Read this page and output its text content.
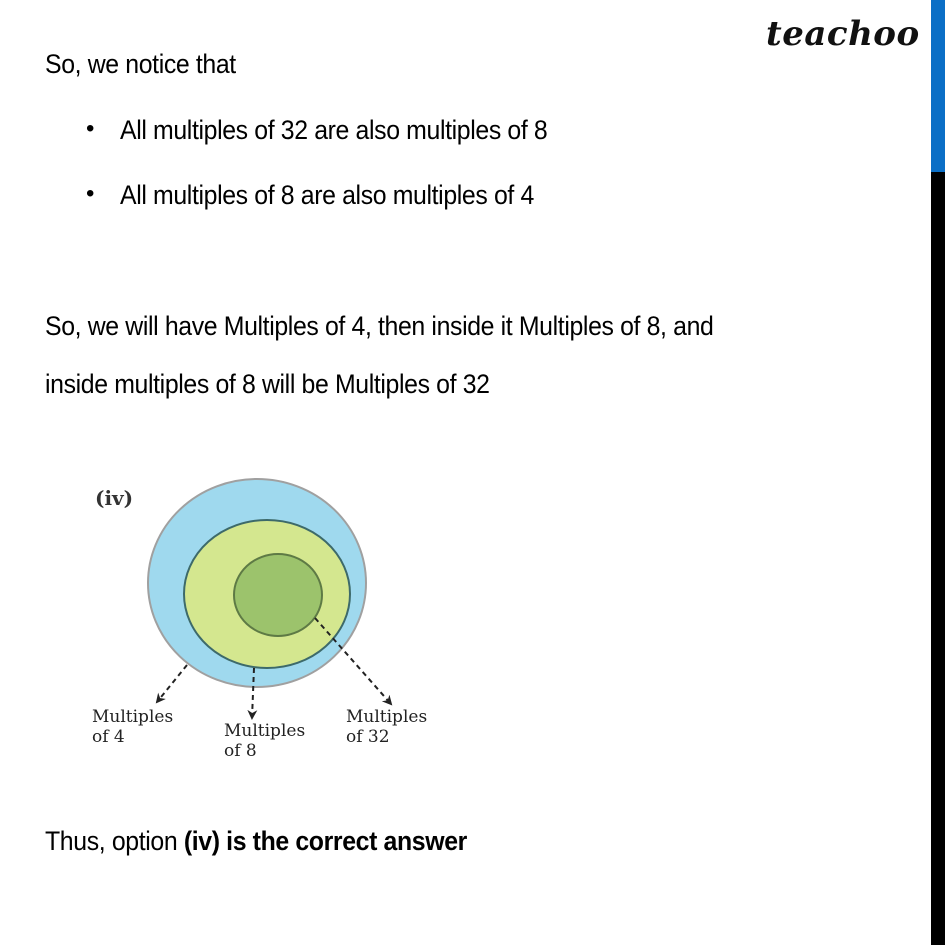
teachoo
So, we notice that
• All multiples of 32 are also multiples of 8
• All multiples of 8 are also multiples of 4
So, we will have Multiples of 4, then inside it Multiples of 8, and
inside multiples of 8 will be Multiples of 32
(iv)
Multiples
of 4	Multiples
of 8
Multiples
of 32
Thus, option (iv) is the correct answer
